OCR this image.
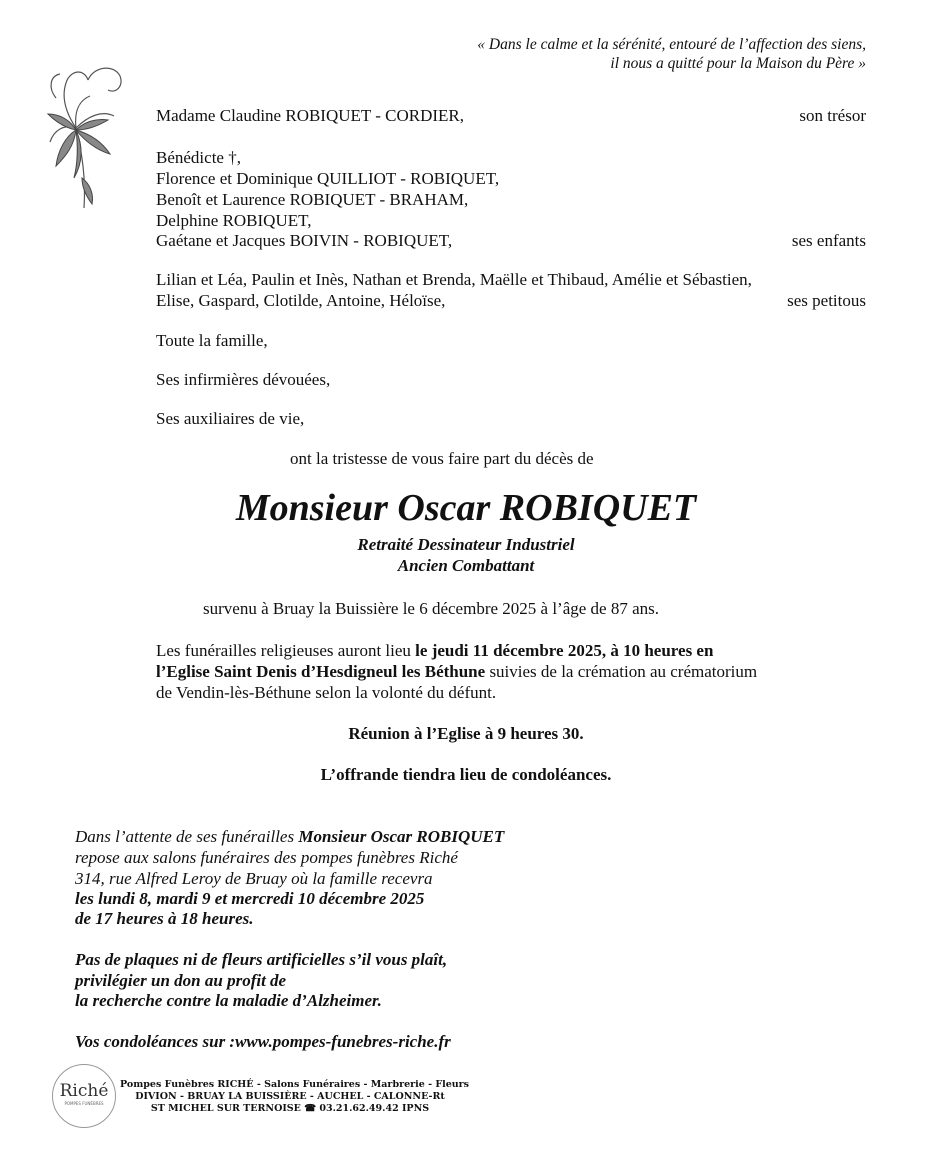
« Dans le calme et la sérénité, entouré de l’affection des siens,
il nous a quitté pour la Maison du Père »
Madame Claudine ROBIQUET - CORDIER,	son trésor
Bénédicte †,
Florence et Dominique QUILLIOT - ROBIQUET,
Benoît et Laurence ROBIQUET - BRAHAM,
Delphine ROBIQUET,
Gaétane et Jacques BOIVIN - ROBIQUET,	ses enfants
Lilian et Léa, Paulin et Inès, Nathan et Brenda, Maëlle et Thibaud, Amélie et Sébastien,
Elise, Gaspard, Clotilde, Antoine, Héloïse,	ses petitous
Toute la famille,
Ses infirmières dévouées,
Ses auxiliaires de vie,
ont la tristesse de vous faire part du décès de
Monsieur Oscar ROBIQUET
Retraité Dessinateur Industriel
Ancien Combattant
survenu à Bruay la Buissière le 6 décembre 2025 à l’âge de 87 ans.
Les funérailles religieuses auront lieu le jeudi 11 décembre 2025, à 10 heures en
l’Eglise Saint Denis d’Hesdigneul les Béthune suivies de la crémation au crématorium
de Vendin-lès-Béthune selon la volonté du défunt.
Réunion à l’Eglise à 9 heures 30.
L’offrande tiendra lieu de condoléances.
Dans l’attente de ses funérailles Monsieur Oscar ROBIQUET
repose aux salons funéraires des pompes funèbres Riché
314, rue Alfred Leroy de Bruay où la famille recevra
les lundi 8, mardi 9 et mercredi 10 décembre 2025
de 17 heures à 18 heures.
Pas de plaques ni de fleurs artificielles s’il vous plaît,
privilégier un don au profit de
la recherche contre la maladie d’Alzheimer.
Vos condoléances sur :www.pompes-funebres-riche.fr
Riché
POMPES FUNÈBRES
Pompes Funèbres RICHÉ - Salons Funéraires - Marbrerie - Fleurs
DIVION - BRUAY LA BUISSIÈRE - AUCHEL - CALONNE-Rt
ST MICHEL SUR TERNOISE ☎ 03.21.62.49.42 IPNS
